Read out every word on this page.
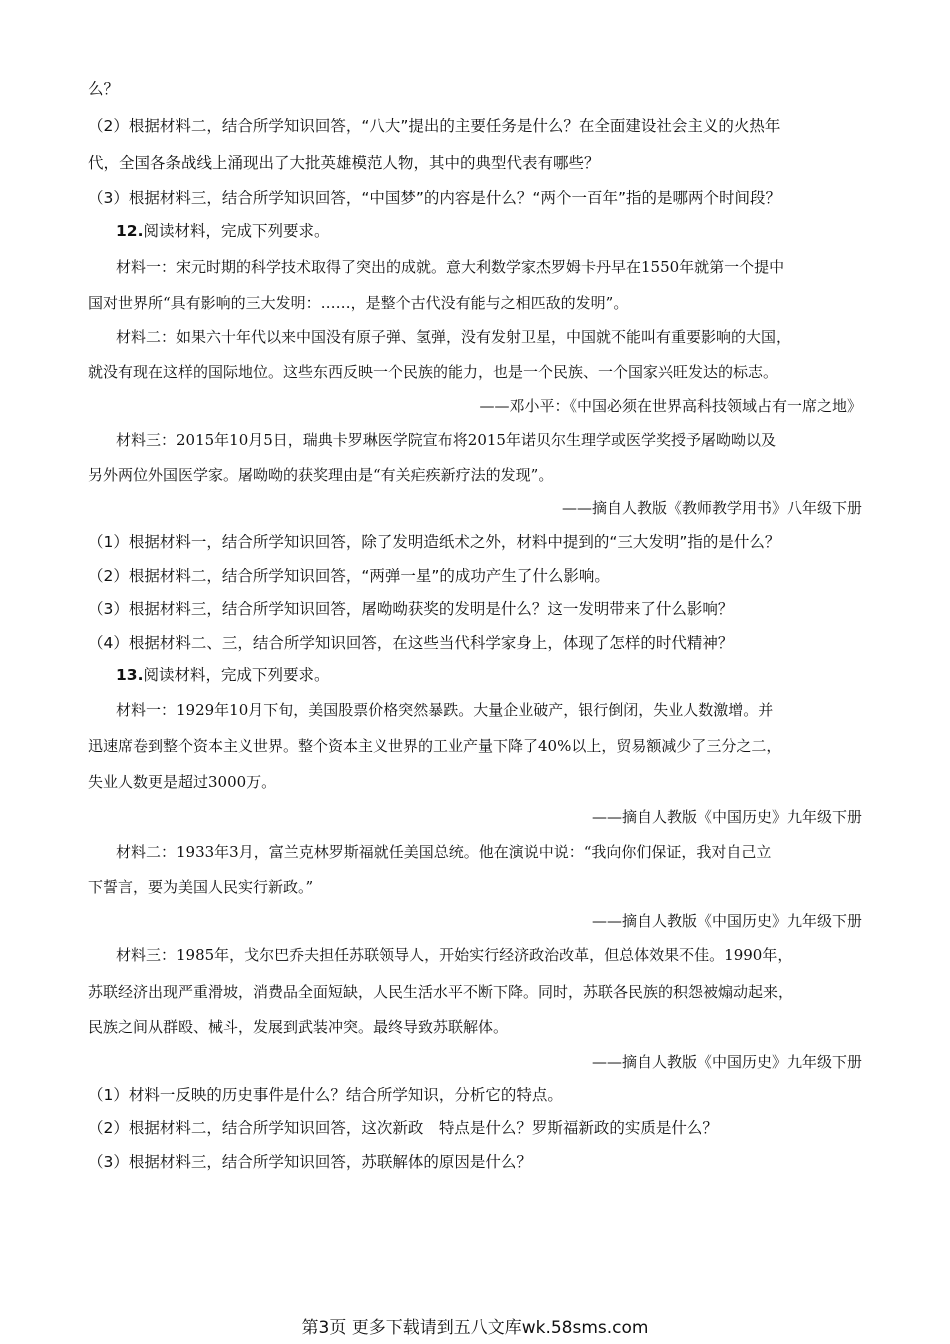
么？
（2）根据材料二，结合所学知识回答，“八大”提出的主要任务是什么？在全面建设社会主义的火热年
代，全国各条战线上涌现出了大批英雄模范人物，其中的典型代表有哪些？
（3）根据材料三，结合所学知识回答，“中国梦”的内容是什么？“两个一百年”指的是哪两个时间段？
12.阅读材料，完成下列要求。
材料一：宋元时期的科学技术取得了突出的成就。意大利数学家杰罗姆卡丹早在1550年就第一个提中
国对世界所“具有影响的三大发明：……，是整个古代没有能与之相匹敌的发明”。
材料二：如果六十年代以来中国没有原子弹、氢弹，没有发射卫星，中国就不能叫有重要影响的大国，
就没有现在这样的国际地位。这些东西反映一个民族的能力，也是一个民族、一个国家兴旺发达的标志。
——邓小平：《中国必须在世界高科技领域占有一席之地》
材料三：2015年10月5日，瑞典卡罗琳医学院宣布将2015年诺贝尔生理学或医学奖授予屠呦呦以及
另外两位外国医学家。屠呦呦的获奖理由是“有关疟疾新疗法的发现”。
——摘自人教版《教师教学用书》八年级下册
（1）根据材料一，结合所学知识回答，除了发明造纸术之外，材料中提到的“三大发明”指的是什么？
（2）根据材料二，结合所学知识回答，“两弹一星”的成功产生了什么影响。
（3）根据材料三，结合所学知识回答，屠呦呦获奖的发明是什么？这一发明带来了什么影响？
（4）根据材料二、三，结合所学知识回答，在这些当代科学家身上，体现了怎样的时代精神？
13.阅读材料，完成下列要求。
材料一：1929年10月下旬，美国股票价格突然暴跌。大量企业破产，银行倒闭，失业人数激增。并
迅速席卷到整个资本主义世界。整个资本主义世界的工业产量下降了40%以上，贸易额减少了三分之二，
失业人数更是超过3000万。
——摘自人教版《中国历史》九年级下册
材料二：1933年3月，富兰克林罗斯福就任美国总统。他在演说中说：“我向你们保证，我对自己立
下誓言，要为美国人民实行新政。”
——摘自人教版《中国历史》九年级下册
材料三：1985年，戈尔巴乔夫担任苏联领导人，开始实行经济政治改革，但总体效果不佳。1990年，
苏联经济出现严重滑坡，消费品全面短缺，人民生活水平不断下降。同时，苏联各民族的积怨被煽动起来，
民族之间从群殴、械斗，发展到武装冲突。最终导致苏联解体。
——摘自人教版《中国历史》九年级下册
（1）材料一反映的历史事件是什么？结合所学知识，分析它的特点。
（2）根据材料二，结合所学知识回答，这次新政　特点是什么？罗斯福新政的实质是什么？
（3）根据材料三，结合所学知识回答，苏联解体的原因是什么？
第3页 更多下载请到五八文库wk.58sms.com
